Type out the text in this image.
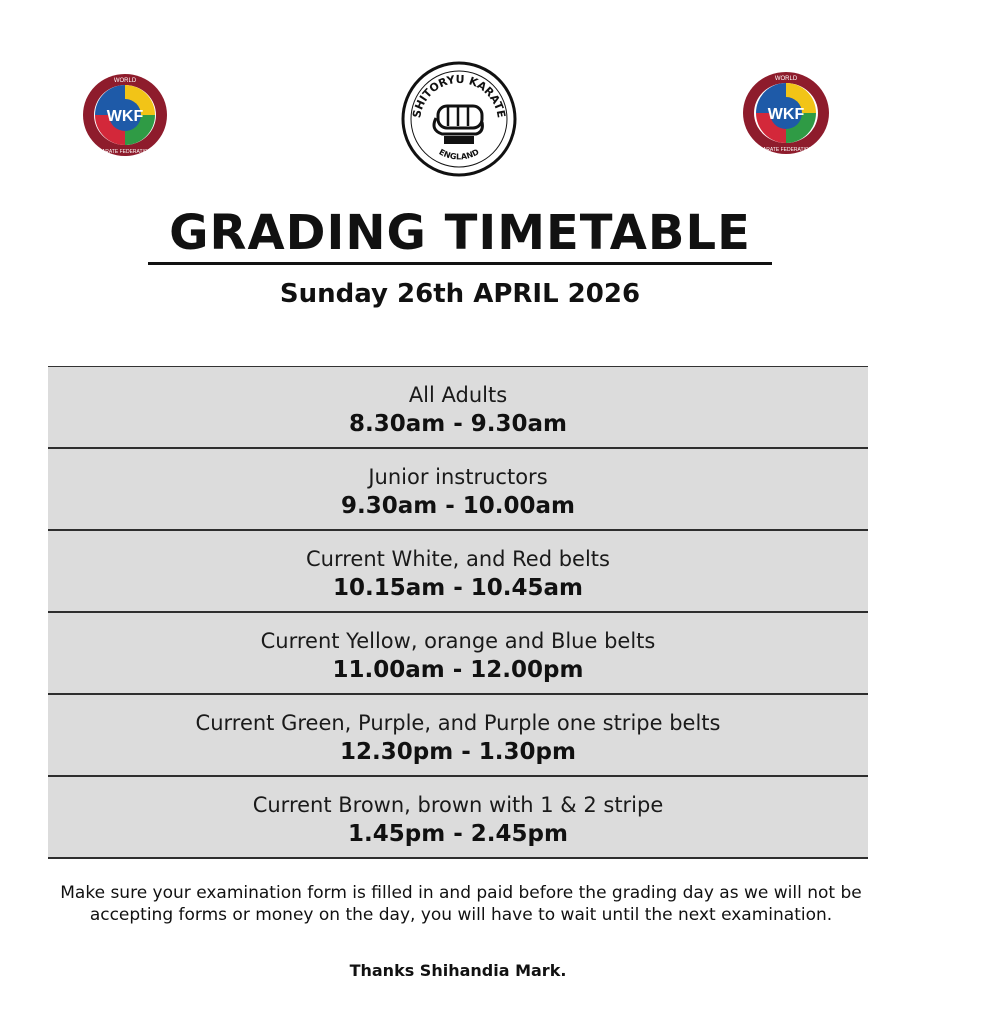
WKF
WORLD
KARATE FEDERATION
SHITORYU KARATE
ENGLAND
WKF
WORLD
KARATE FEDERATION
GRADING TIMETABLE
Sunday 26th APRIL 2026
All Adults
8.30am - 9.30am
Junior instructors
9.30am - 10.00am
Current White, and Red belts
10.15am - 10.45am
Current Yellow, orange and Blue belts
11.00am - 12.00pm
Current Green, Purple, and Purple one stripe belts
12.30pm - 1.30pm
Current Brown, brown with 1 & 2 stripe
1.45pm - 2.45pm
Make sure your examination form is filled in and paid before the grading day as we will not be accepting forms or money on the day, you will have to wait until the next examination.
Thanks Shihandia Mark.
